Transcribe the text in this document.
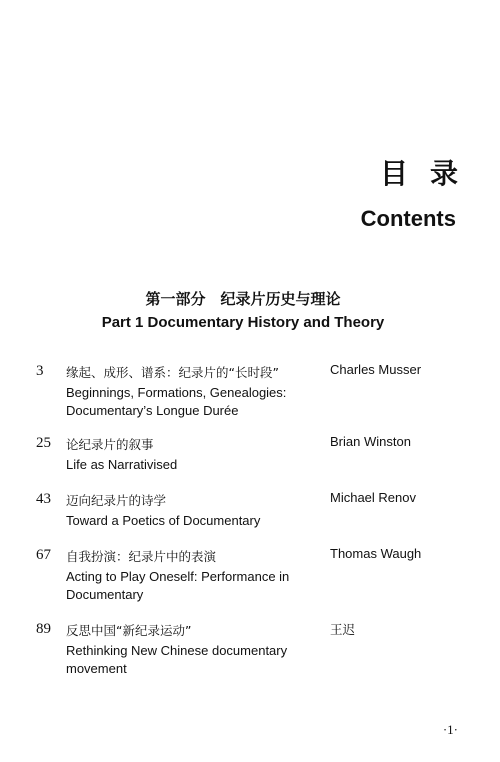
目录
Contents
第一部分　纪录片历史与理论
Part 1 Documentary History and Theory
3 缘起、成形、谱系：纪录片的“长时段”
Beginnings, Formations, Genealogies: Documentary’s Longue Durée
Charles Musser
25 论纪录片的叙事
Life as Narrativised
Brian Winston
43 迈向纪录片的诗学
Toward a Poetics of Documentary
Michael Renov
67 自我扮演：纪录片中的表演
Acting to Play Oneself: Performance in Documentary
Thomas Waugh
89 反思中国“新纪录运动”
Rethinking New Chinese documentary movement
王迟
·1·
